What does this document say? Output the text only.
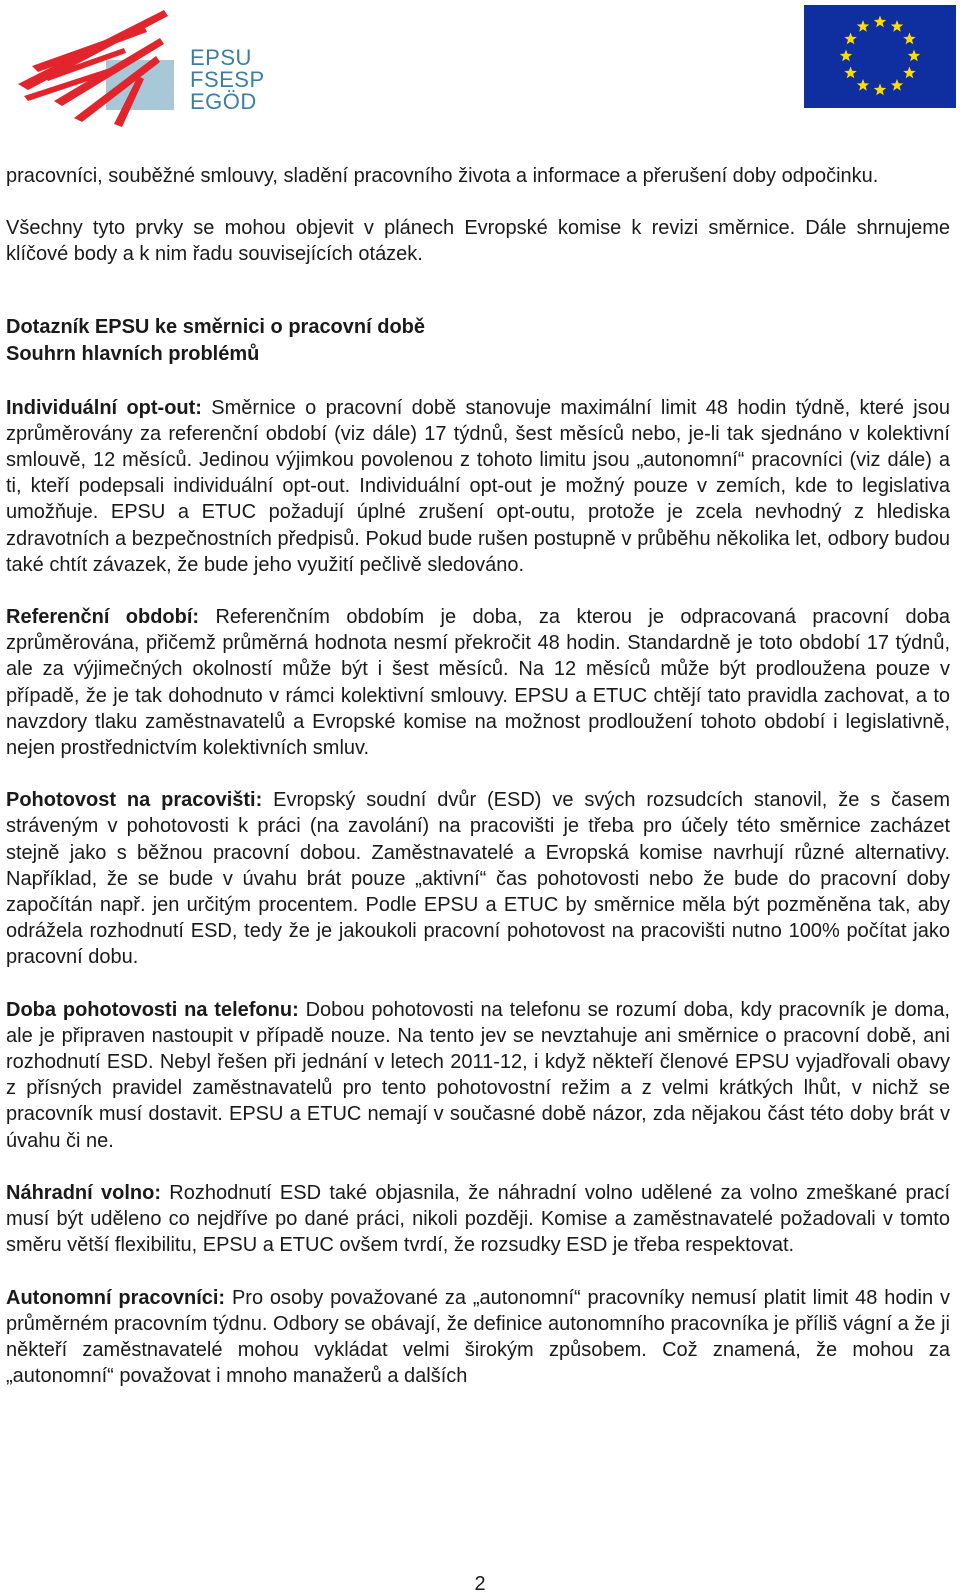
EPSU
FSESP
EGÖD

pracovníci, souběžné smlouvy, sladění pracovního života a informace a přerušení doby odpočinku.

Všechny tyto prvky se mohou objevit v plánech Evropské komise k revizi směrnice. Dále shrnujeme klíčové body a k nim řadu souvisejících otázek.

Dotazník EPSU ke směrnici o pracovní době
Souhrn hlavních problémů

Individuální opt-out: Směrnice o pracovní době stanovuje maximální limit 48 hodin týdně, které jsou zprůměrovány za referenční období (viz dále) 17 týdnů, šest měsíců nebo, je-li tak sjednáno v kolektivní smlouvě, 12 měsíců. Jedinou výjimkou povolenou z tohoto limitu jsou „autonomní“ pracovníci (viz dále) a ti, kteří podepsali individuální opt-out. Individuální opt-out je možný pouze v zemích, kde to legislativa umožňuje. EPSU a ETUC požadují úplné zrušení opt-outu, protože je zcela nevhodný z hlediska zdravotních a bezpečnostních předpisů. Pokud bude rušen postupně v průběhu několika let, odbory budou také chtít závazek, že bude jeho využití pečlivě sledováno.

Referenční období: Referenčním obdobím je doba, za kterou je odpracovaná pracovní doba zprůměrována, přičemž průměrná hodnota nesmí překročit 48 hodin. Standardně je toto období 17 týdnů, ale za výjimečných okolností může být i šest měsíců. Na 12 měsíců může být prodloužena pouze v případě, že je tak dohodnuto v rámci kolektivní smlouvy. EPSU a ETUC chtějí tato pravidla zachovat, a to navzdory tlaku zaměstnavatelů a Evropské komise na možnost prodloužení tohoto období i legislativně, nejen prostřednictvím kolektivních smluv.

Pohotovost na pracovišti: Evropský soudní dvůr (ESD) ve svých rozsudcích stanovil, že s časem stráveným v pohotovosti k práci (na zavolání) na pracovišti je třeba pro účely této směrnice zacházet stejně jako s běžnou pracovní dobou. Zaměstnavatelé a Evropská komise navrhují různé alternativy. Například, že se bude v úvahu brát pouze „aktivní“ čas pohotovosti nebo že bude do pracovní doby započítán např. jen určitým procentem. Podle EPSU a ETUC by směrnice měla být pozměněna tak, aby odrážela rozhodnutí ESD, tedy že je jakoukoli pracovní pohotovost na pracovišti nutno 100% počítat jako pracovní dobu.

Doba pohotovosti na telefonu: Dobou pohotovosti na telefonu se rozumí doba, kdy pracovník je doma, ale je připraven nastoupit v případě nouze. Na tento jev se nevztahuje ani směrnice o pracovní době, ani rozhodnutí ESD. Nebyl řešen při jednání v letech 2011-12, i když někteří členové EPSU vyjadřovali obavy z přísných pravidel zaměstnavatelů pro tento pohotovostní režim a z velmi krátkých lhůt, v nichž se pracovník musí dostavit. EPSU a ETUC nemají v současné době názor, zda nějakou část této doby brát v úvahu či ne.

Náhradní volno: Rozhodnutí ESD také objasnila, že náhradní volno udělené za volno zmeškané prací musí být uděleno co nejdříve po dané práci, nikoli později. Komise a zaměstnavatelé požadovali v tomto směru větší flexibilitu, EPSU a ETUC ovšem tvrdí, že rozsudky ESD je třeba respektovat.

Autonomní pracovníci: Pro osoby považované za „autonomní“ pracovníky nemusí platit limit 48 hodin v průměrném pracovním týdnu. Odbory se obávají, že definice autonomního pracovníka je příliš vágní a že ji někteří zaměstnavatelé mohou vykládat velmi širokým způsobem. Což znamená, že mohou za „autonomní“ považovat i mnoho manažerů a dalších

2
